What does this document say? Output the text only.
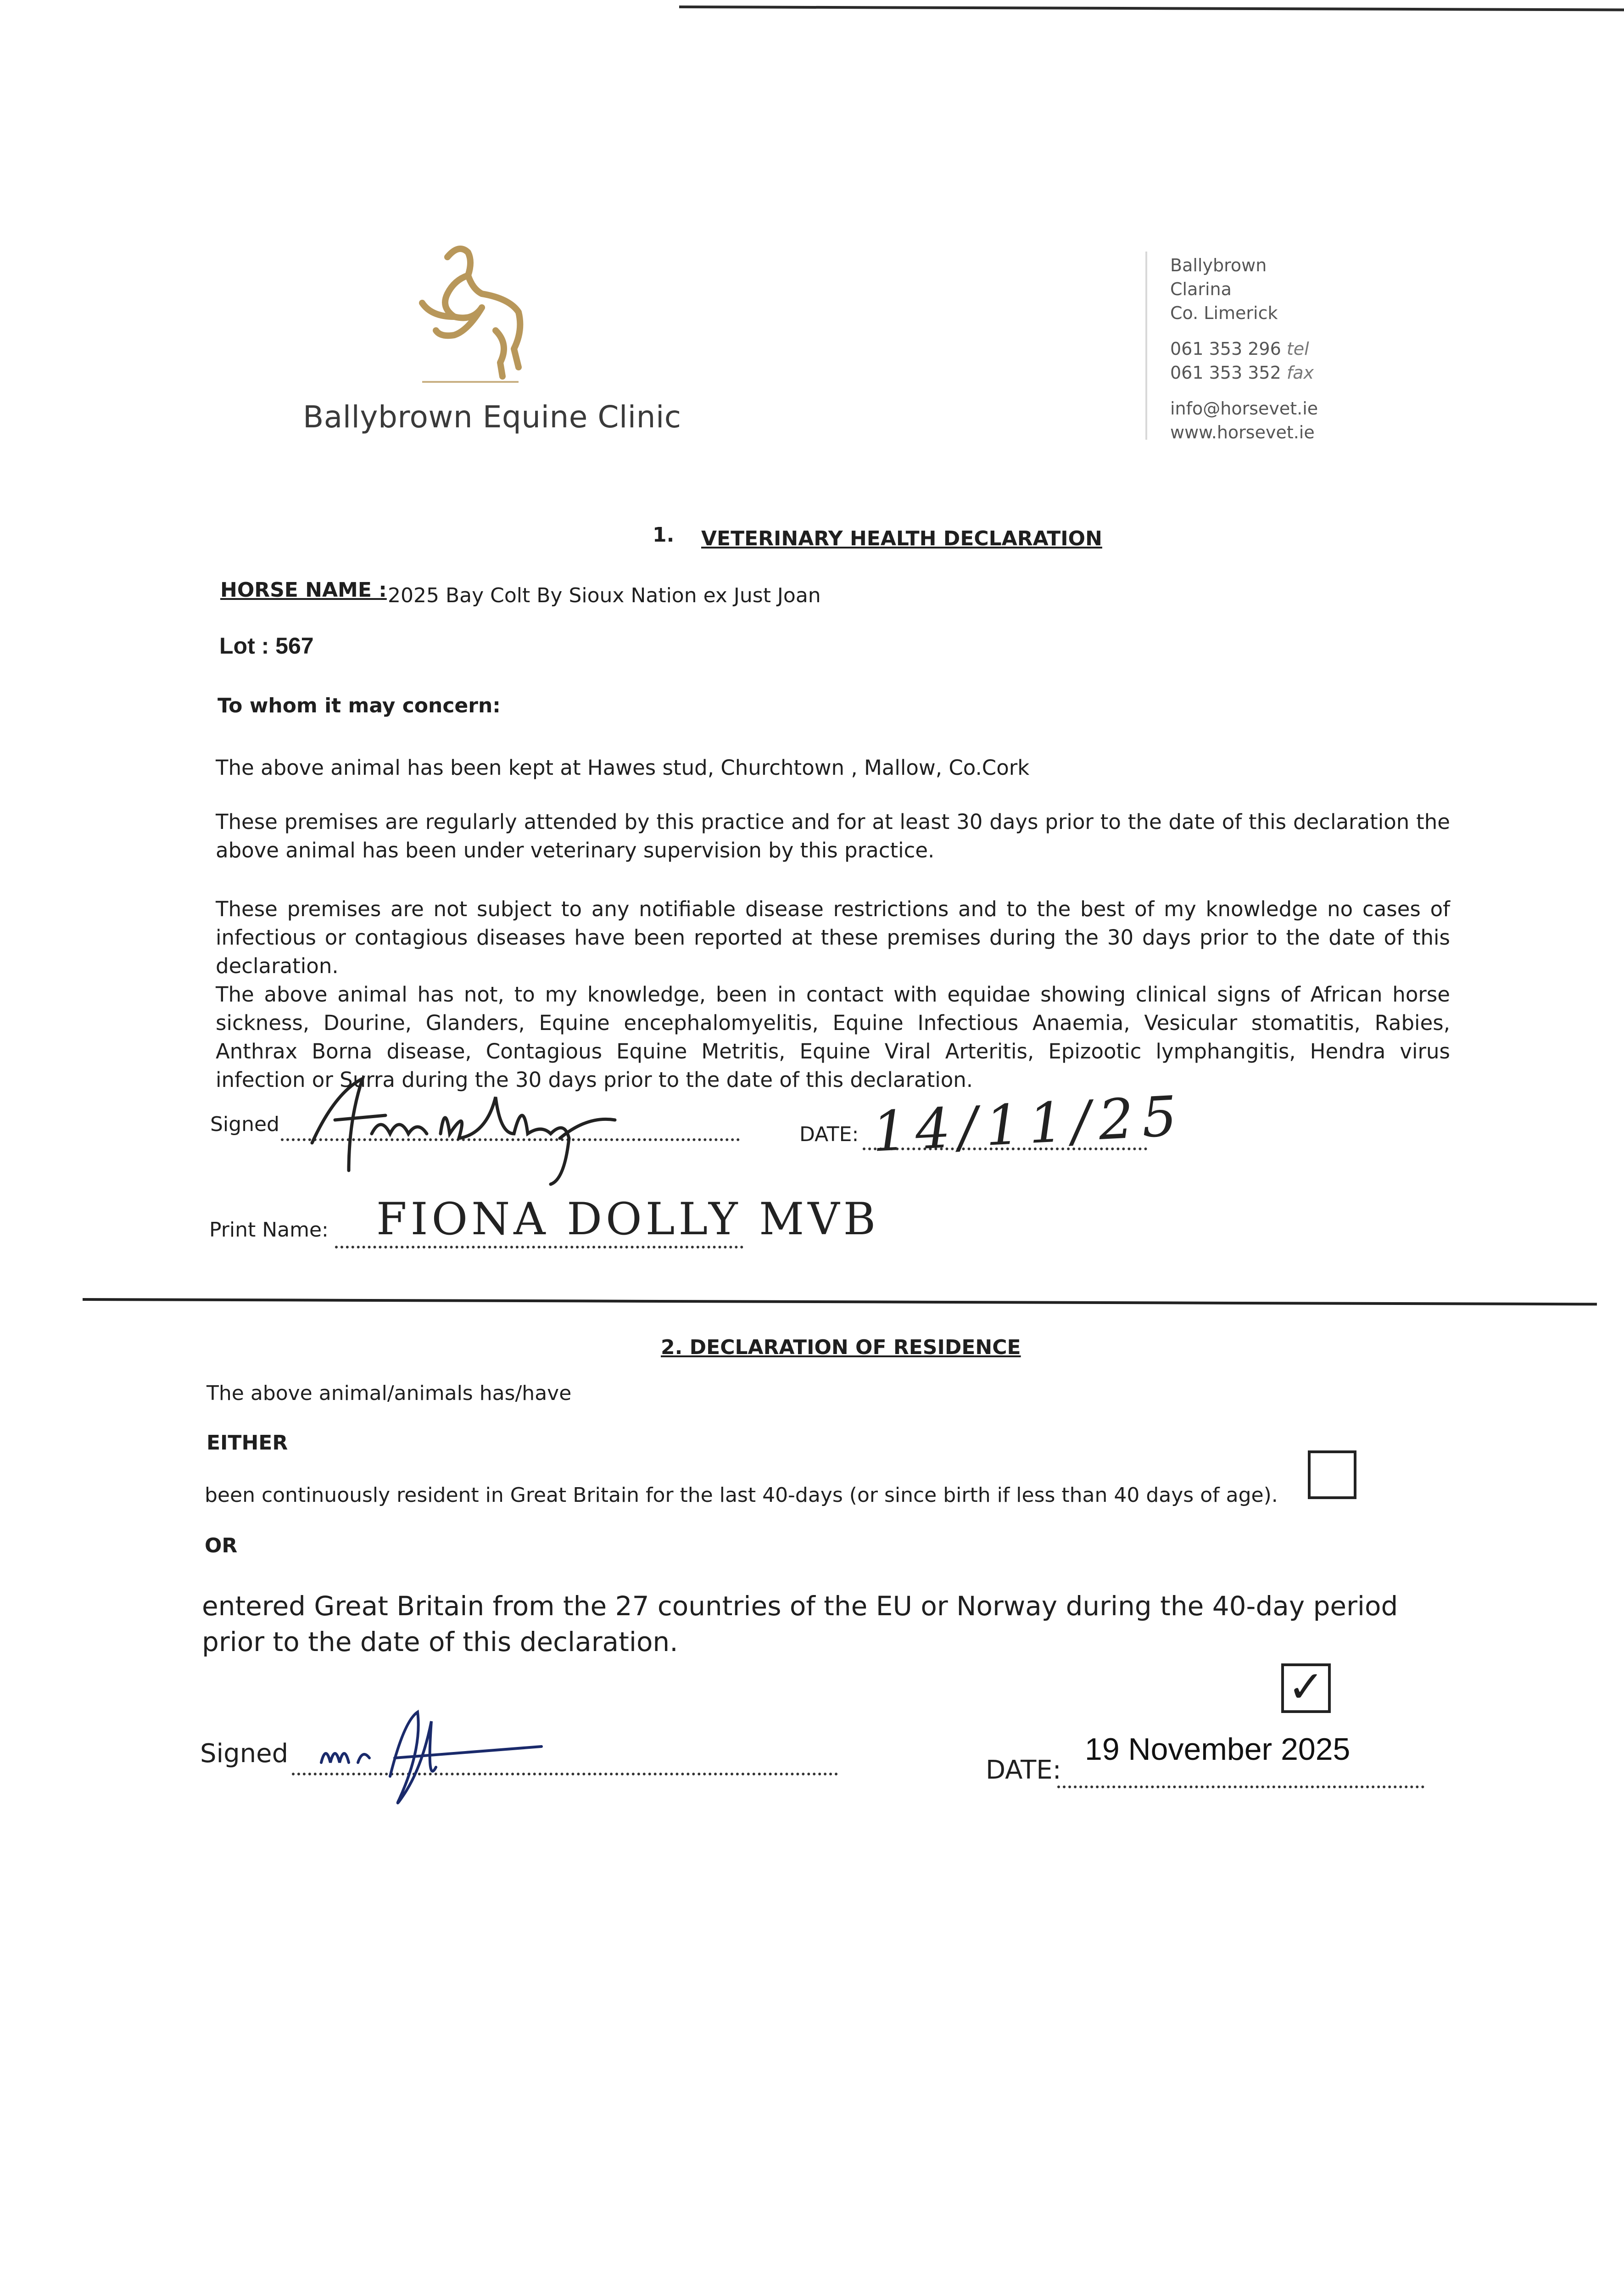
Ballybrown Equine Clinic
Ballybrown
Clarina
Co. Limerick
061 353 296 tel
061 353 352 fax
info@horsevet.ie
www.horsevet.ie
1. VETERINARY HEALTH DECLARATION
HORSE NAME : 2025 Bay Colt By Sioux Nation ex Just Joan
Lot : 567
To whom it may concern:
The above animal has been kept at Hawes stud, Churchtown , Mallow, Co.Cork
These premises are regularly attended by this practice and for at least 30 days prior to the date of this declaration the above animal has been under veterinary supervision by this practice.
These premises are not subject to any notifiable disease restrictions and to the best of my knowledge no cases of infectious or contagious diseases have been reported at these premises during the 30 days prior to the date of this declaration.
The above animal has not, to my knowledge, been in contact with equidae showing clinical signs of African horse sickness, Dourine, Glanders, Equine encephalomyelitis, Equine Infectious Anaemia, Vesicular stomatitis, Rabies, Anthrax Borna disease, Contagious Equine Metritis, Equine Viral Arteritis, Epizootic lymphangitis, Hendra virus infection or Surra during the 30 days prior to the date of this declaration.
Signed	DATE: 14/11/25
Print Name: FIONA DOLLY MVB
2. DECLARATION OF RESIDENCE
The above animal/animals has/have
EITHER
been continuously resident in Great Britain for the last 40-days (or since birth if less than 40 days of age).
OR
entered Great Britain from the 27 countries of the EU or Norway during the 40-day period prior to the date of this declaration.
✓
Signed
DATE:
19 November 2025
